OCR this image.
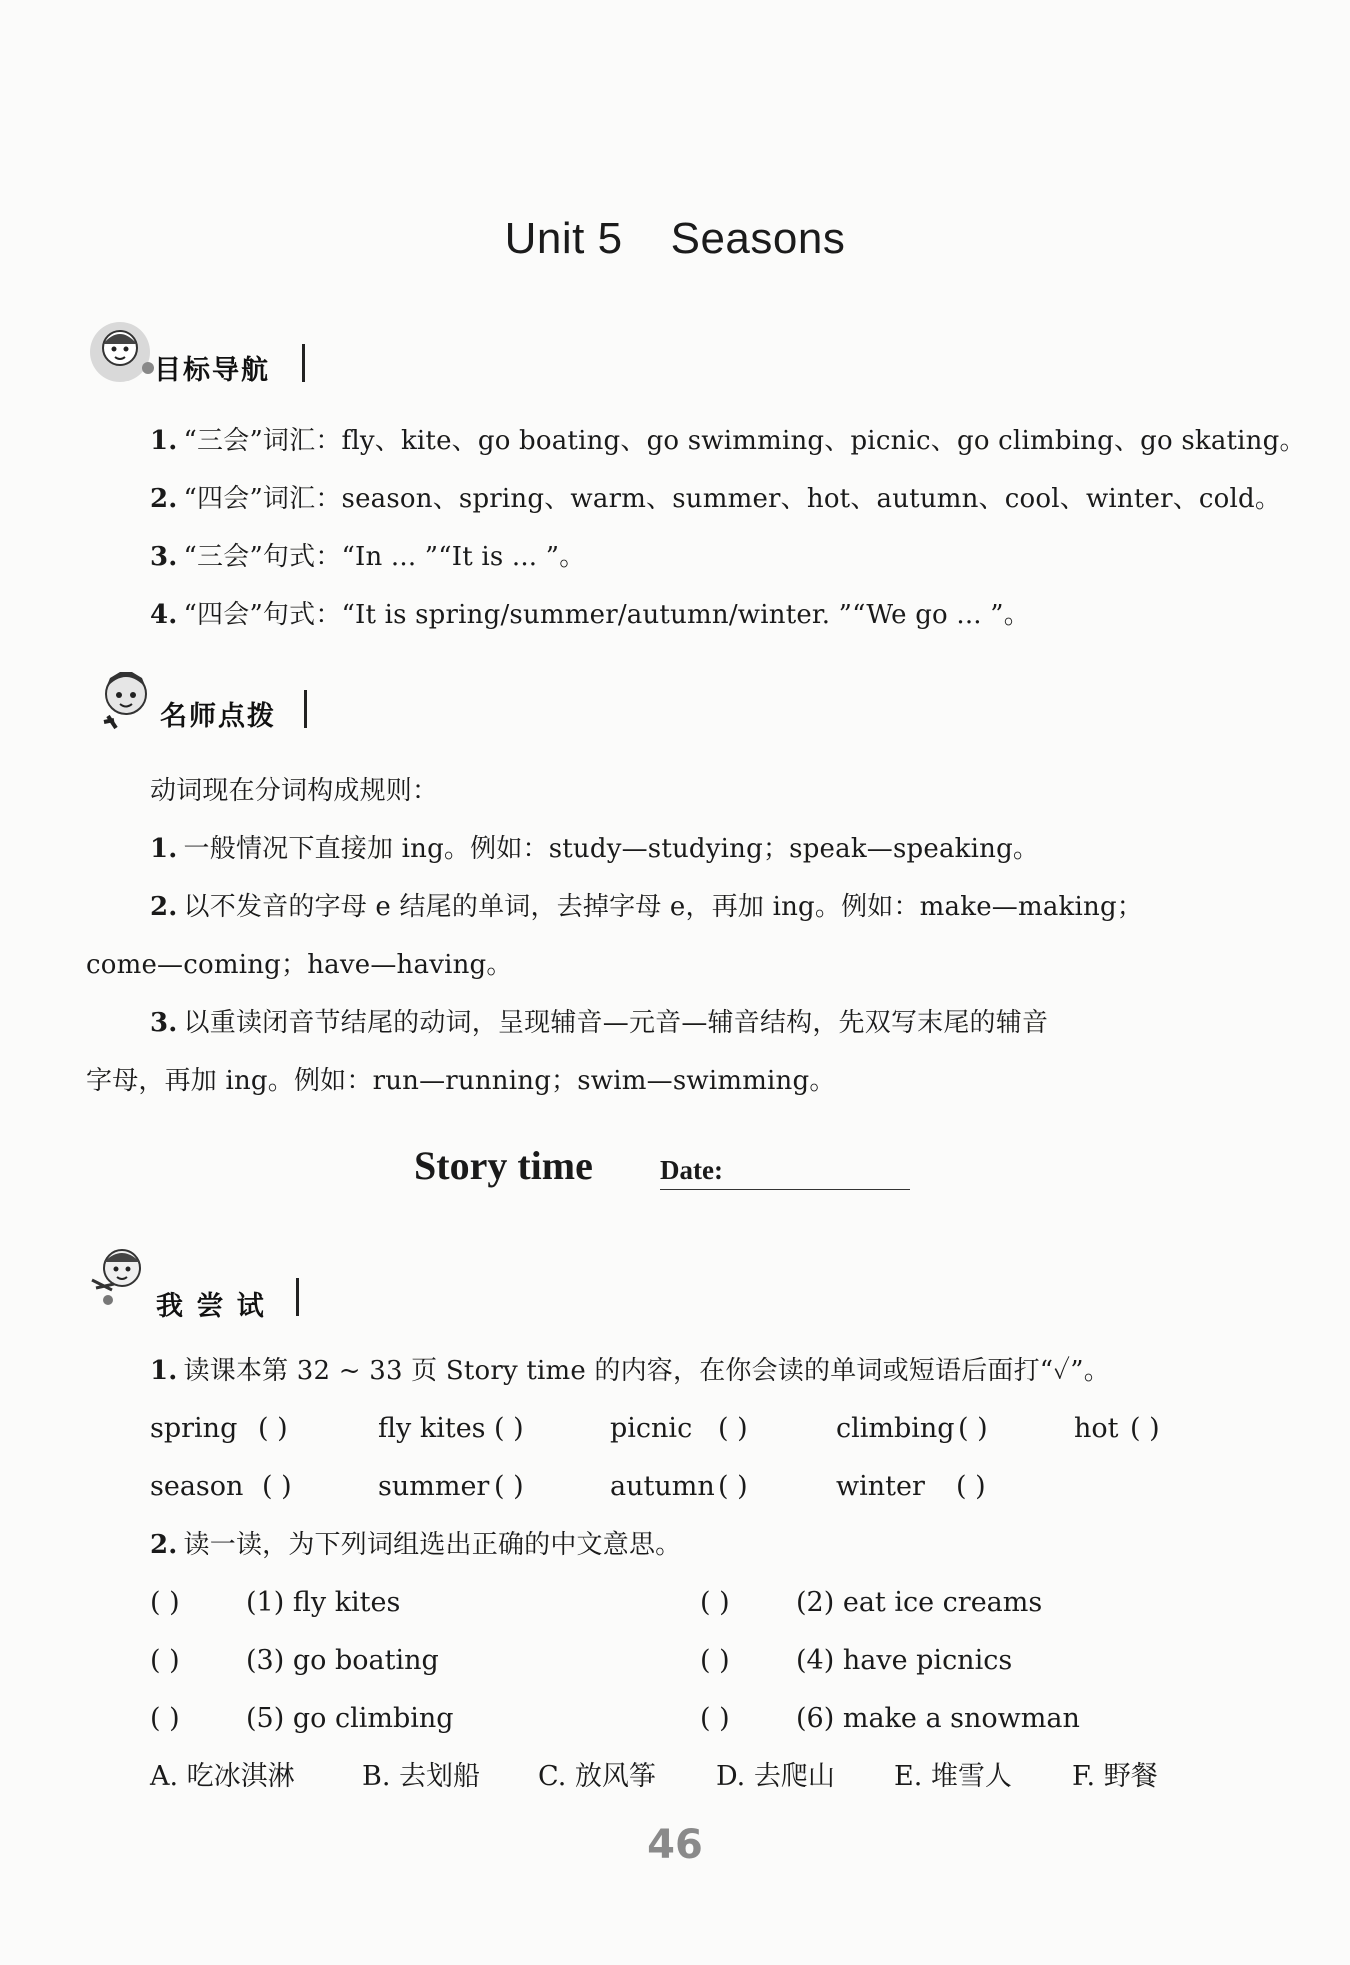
Unit 5 Seasons
目标导航
1. “三会”词汇：fly、kite、go boating、go swimming、picnic、go climbing、go skating。
2. “四会”词汇：season、spring、warm、summer、hot、autumn、cool、winter、cold。
3. “三会”句式：“In ... ”“It is ... ”。
4. “四会”句式：“It is spring/summer/autumn/winter. ”“We go ... ”。
名师点拨
动词现在分词构成规则：
1. 一般情况下直接加 ing。例如：study—studying；speak—speaking。
2. 以不发音的字母 e 结尾的单词，去掉字母 e，再加 ing。例如：make—making；
come—coming；have—having。
3. 以重读闭音节结尾的动词，呈现辅音—元音—辅音结构，先双写末尾的辅音
字母，再加 ing。例如：run—running；swim—swimming。
Story time Date:
我 尝 试
1. 读课本第 32 ~ 33 页 Story time 的内容，在你会读的单词或短语后面打“✓”。
spring ( )	fly kites ( )	picnic ( )	climbing ( )	hot ( )
season ( )	summer ( )	autumn ( )	winter ( )
2. 读一读，为下列词组选出正确的中文意思。
( ) (1) fly kites	( ) (2) eat ice creams
( ) (3) go boating	( ) (4) have picnics
( ) (5) go climbing	( ) (6) make a snowman
A. 吃冰淇淋 B. 去划船 C. 放风筝 D. 去爬山 E. 堆雪人 F. 野餐
46
